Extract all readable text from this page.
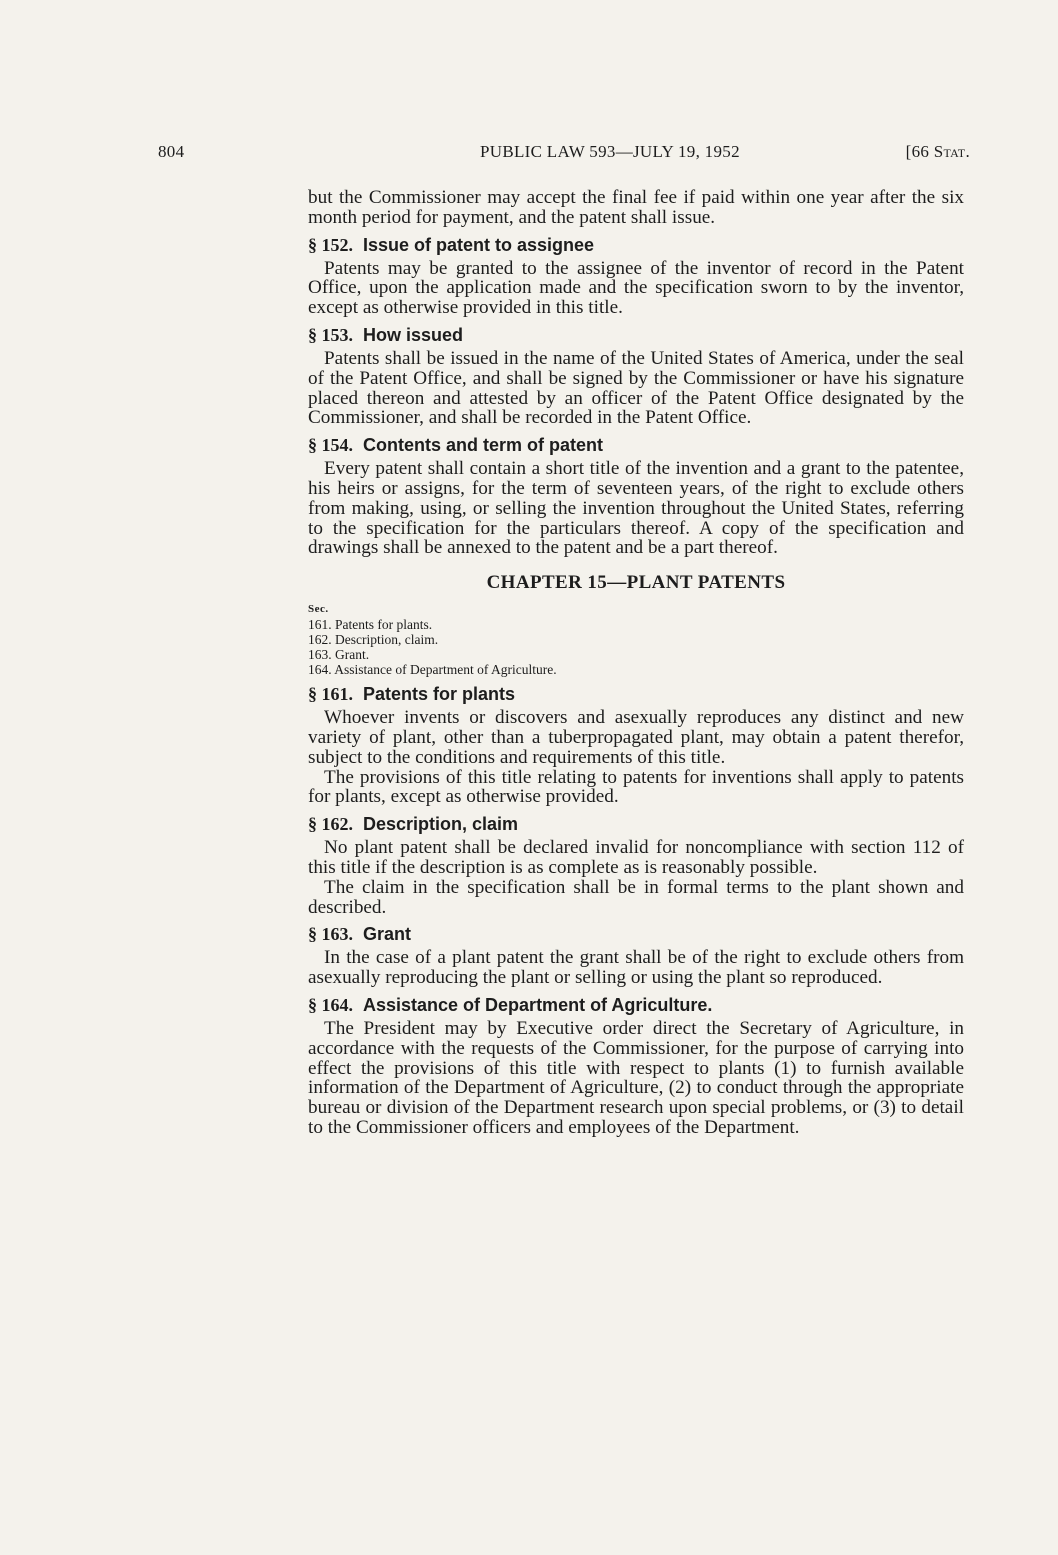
804	PUBLIC LAW 593—JULY 19, 1952	[66 Stat.

but the Commissioner may accept the final fee if paid within one year after the six month period for payment, and the patent shall issue.

§ 152. Issue of patent to assignee

Patents may be granted to the assignee of the inventor of record in the Patent Office, upon the application made and the specification sworn to by the inventor, except as otherwise provided in this title.

§ 153. How issued

Patents shall be issued in the name of the United States of America, under the seal of the Patent Office, and shall be signed by the Commissioner or have his signature placed thereon and attested by an officer of the Patent Office designated by the Commissioner, and shall be recorded in the Patent Office.

§ 154. Contents and term of patent

Every patent shall contain a short title of the invention and a grant to the patentee, his heirs or assigns, for the term of seventeen years, of the right to exclude others from making, using, or selling the invention throughout the United States, referring to the specification for the particulars thereof. A copy of the specification and drawings shall be annexed to the patent and be a part thereof.

CHAPTER 15—PLANT PATENTS
Sec.
161. Patents for plants.
162. Description, claim.
163. Grant.
164. Assistance of Department of Agriculture.
§ 161. Patents for plants

Whoever invents or discovers and asexually reproduces any distinct and new variety of plant, other than a tuberpropagated plant, may obtain a patent therefor, subject to the conditions and requirements of this title.

The provisions of this title relating to patents for inventions shall apply to patents for plants, except as otherwise provided.

§ 162. Description, claim

No plant patent shall be declared invalid for noncompliance with section 112 of this title if the description is as complete as is reasonably possible.

The claim in the specification shall be in formal terms to the plant shown and described.

§ 163. Grant

In the case of a plant patent the grant shall be of the right to exclude others from asexually reproducing the plant or selling or using the plant so reproduced.

§ 164. Assistance of Department of Agriculture.

The President may by Executive order direct the Secretary of Agriculture, in accordance with the requests of the Commissioner, for the purpose of carrying into effect the provisions of this title with respect to plants (1) to furnish available information of the Department of Agriculture, (2) to conduct through the appropriate bureau or division of the Department research upon special problems, or (3) to detail to the Commissioner officers and employees of the Department.
